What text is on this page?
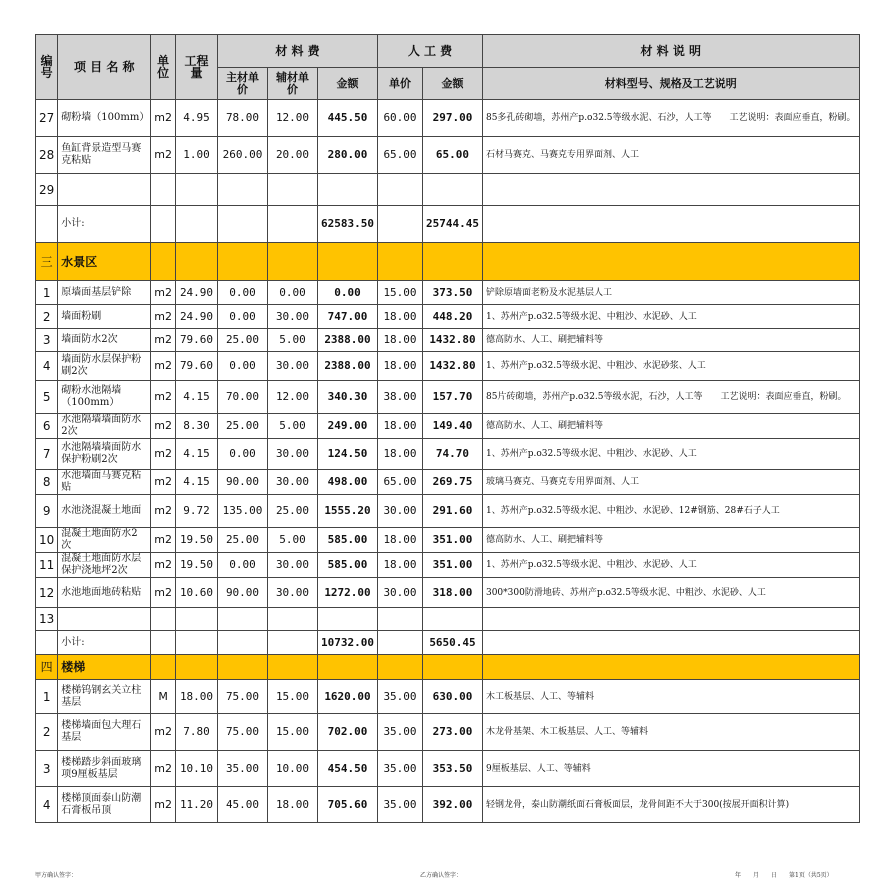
编号	项 目 名 称	单位	工程量	材 料 费			人 工 费		材 料 说 明
				主材单价	辅材单价	金额	单价	金额	材料型号、规格及工艺说明
27	砌粉墙（100mm）	m2	4.95	78.00	12.00	445.50	60.00	297.00	85多孔砖砌墙，苏州产p.o32.5等级水泥、石沙，人工等　　工艺说明：表面应垂直，粉刷。
28	鱼缸背景造型马赛克粘贴	m2	1.00	260.00	20.00	280.00	65.00	65.00	石材马赛克、马赛克专用界面剂、人工
29									
	小计:					62583.50		25744.45	
三	水景区								
1	原墙面基层铲除	m2	24.90	0.00	0.00	0.00	15.00	373.50	铲除原墙面老粉及水泥基层人工
2	墙面粉刷	m2	24.90	0.00	30.00	747.00	18.00	448.20	1、苏州产p.o32.5等级水泥、中粗沙、水泥砂、人工
3	墙面防水2次	m2	79.60	25.00	5.00	2388.00	18.00	1432.80	德高防水、人工、刷把辅料等
4	墙面防水层保护粉刷2次	m2	79.60	0.00	30.00	2388.00	18.00	1432.80	1、苏州产p.o32.5等级水泥、中粗沙、水泥砂浆、人工
5	砌粉水池隔墙（100mm）	m2	4.15	70.00	12.00	340.30	38.00	157.70	85片砖砌墙，苏州产p.o32.5等级水泥，石沙，人工等　　工艺说明：表面应垂直，粉刷。
6	水池隔墙墙面防水2次	m2	8.30	25.00	5.00	249.00	18.00	149.40	德高防水、人工、刷把辅料等
7	水池隔墙墙面防水保护粉刷2次	m2	4.15	0.00	30.00	124.50	18.00	74.70	1、苏州产p.o32.5等级水泥、中粗沙、水泥砂、人工
8	水池墙面马赛克粘贴	m2	4.15	90.00	30.00	498.00	65.00	269.75	玻璃马赛克、马赛克专用界面剂、人工
9	水池浇混凝土地面	m2	9.72	135.00	25.00	1555.20	30.00	291.60	1、苏州产p.o32.5等级水泥、中粗沙、水泥砂、12#钢筋、28#石子人工
10	混凝土地面防水2次	m2	19.50	25.00	5.00	585.00	18.00	351.00	德高防水、人工、刷把辅料等
11	混凝土地面防水层保护浇地坪2次	m2	19.50	0.00	30.00	585.00	18.00	351.00	1、苏州产p.o32.5等级水泥、中粗沙、水泥砂、人工
12	水池地面地砖粘贴	m2	10.60	90.00	30.00	1272.00	30.00	318.00	300*300防滑地砖、苏州产p.o32.5等级水泥、中粗沙、水泥砂、人工
13									
	小计:					10732.00		5650.45	
四	楼梯								
1	楼梯钨钢玄关立柱基层	M	18.00	75.00	15.00	1620.00	35.00	630.00	木工板基层、人工、等辅料
2	楼梯墙面包大理石基层	m2	7.80	75.00	15.00	702.00	35.00	273.00	木龙骨基架、木工板基层、人工、等辅料
3	楼梯踏步斜面玻璃项9厘板基层	m2	10.10	35.00	10.00	454.50	35.00	353.50	9厘板基层、人工、等辅料
4	楼梯顶面泰山防潮石膏板吊顶	m2	11.20	45.00	18.00	705.60	35.00	392.00	轻钢龙骨，泰山防潮纸面石膏板面层，龙骨间距不大于300(按展开面积计算)
甲方确认签字：	乙方确认签字：	年　　月　　日　　第1页（共5页）
